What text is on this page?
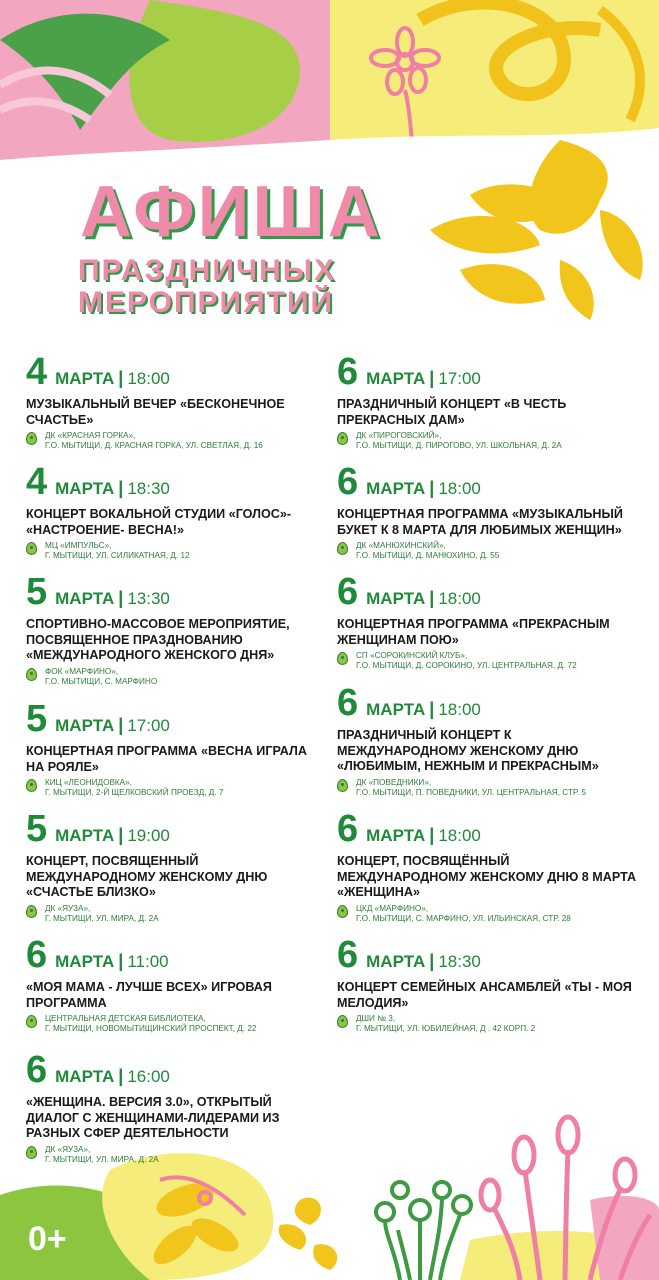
АФИША
ПРАЗДНИЧНЫХ
МЕРОПРИЯТИЙ
4 МАРТА | 18:00
МУЗЫКАЛЬНЫЙ ВЕЧЕР «БЕСКОНЕЧНОЕ СЧАСТЬЕ»
ДК «КРАСНАЯ ГОРКА»,
Г.О. МЫТИЩИ, Д. КРАСНАЯ ГОРКА, УЛ. СВЕТЛАЯ, Д. 16
4 МАРТА | 18:30
КОНЦЕРТ ВОКАЛЬНОЙ СТУДИИ «ГОЛОС»- «НАСТРОЕНИЕ- ВЕСНА!»
МЦ «ИМПУЛЬС»,
Г. МЫТИЩИ, УЛ. СИЛИКАТНАЯ, Д. 12
5 МАРТА | 13:30
СПОРТИВНО-МАССОВОЕ МЕРОПРИЯТИЕ, ПОСВЯЩЕННОЕ ПРАЗДНОВАНИЮ «МЕЖДУНАРОДНОГО ЖЕНСКОГО ДНЯ»
ФОК «МАРФИНО»,
Г.О. МЫТИЩИ, С. МАРФИНО
5 МАРТА | 17:00
КОНЦЕРТНАЯ ПРОГРАММА «ВЕСНА ИГРАЛА НА РОЯЛЕ»
КИЦ «ЛЕОНИДОВКА»,
Г. МЫТИЩИ, 2-Й ЩЕЛКОВСКИЙ ПРОЕЗД, Д. 7
5 МАРТА | 19:00
КОНЦЕРТ, ПОСВЯЩЕННЫЙ МЕЖДУНАРОДНОМУ ЖЕНСКОМУ ДНЮ «СЧАСТЬЕ БЛИЗКО»
ДК «ЯУЗА»,
Г. МЫТИЩИ, УЛ. МИРА, Д. 2А
6 МАРТА | 11:00
«МОЯ МАМА - ЛУЧШЕ ВСЕХ» ИГРОВАЯ ПРОГРАММА
ЦЕНТРАЛЬНАЯ ДЕТСКАЯ БИБЛИОТЕКА,
Г. МЫТИЩИ, НОВОМЫТИЩИНСКИЙ ПРОСПЕКТ, Д. 22
6 МАРТА | 16:00
«ЖЕНЩИНА. ВЕРСИЯ 3.0», ОТКРЫТЫЙ ДИАЛОГ С ЖЕНЩИНАМИ-ЛИДЕРАМИ ИЗ РАЗНЫХ СФЕР ДЕЯТЕЛЬНОСТИ
ДК «ЯУЗА»,
Г. МЫТИЩИ, УЛ. МИРА, Д. 2А
6 МАРТА | 17:00
ПРАЗДНИЧНЫЙ КОНЦЕРТ «В ЧЕСТЬ ПРЕКРАСНЫХ ДАМ»
ДК «ПИРОГОВСКИЙ»,
Г.О. МЫТИЩИ, Д. ПИРОГОВО, УЛ. ШКОЛЬНАЯ, Д. 2А
6 МАРТА | 18:00
КОНЦЕРТНАЯ ПРОГРАММА «МУЗЫКАЛЬНЫЙ БУКЕТ К 8 МАРТА ДЛЯ ЛЮБИМЫХ ЖЕНЩИН»
ДК «МАНЮХИНСКИЙ»,
Г.О. МЫТИЩИ, Д. МАНЮХИНО, Д. 55
6 МАРТА | 18:00
КОНЦЕРТНАЯ ПРОГРАММА «ПРЕКРАСНЫМ ЖЕНЩИНАМ ПОЮ»
СП «СОРОКИНСКИЙ КЛУБ»,
Г.О. МЫТИЩИ, Д. СОРОКИНО, УЛ. ЦЕНТРАЛЬНАЯ, Д. 72
6 МАРТА | 18:00
ПРАЗДНИЧНЫЙ КОНЦЕРТ К МЕЖДУНАРОДНОМУ ЖЕНСКОМУ ДНЮ «ЛЮБИМЫМ, НЕЖНЫМ И ПРЕКРАСНЫМ»
ДК «ПОВЕДНИКИ»,
Г.О. МЫТИЩИ, П. ПОВЕДНИКИ, УЛ. ЦЕНТРАЛЬНАЯ, СТР. 5
6 МАРТА | 18:00
КОНЦЕРТ, ПОСВЯЩЁННЫЙ МЕЖДУНАРОДНОМУ ЖЕНСКОМУ ДНЮ 8 МАРТА «ЖЕНЩИНА»
ЦКД «МАРФИНО»,
Г.О. МЫТИЩИ, С. МАРФИНО, УЛ. ИЛЬИНСКАЯ, СТР. 28
6 МАРТА | 18:30
КОНЦЕРТ СЕМЕЙНЫХ АНСАМБЛЕЙ «ТЫ - МОЯ МЕЛОДИЯ»
ДШИ № 3,
Г. МЫТИЩИ, УЛ. ЮБИЛЕЙНАЯ, Д . 42 КОРП. 2
0+
